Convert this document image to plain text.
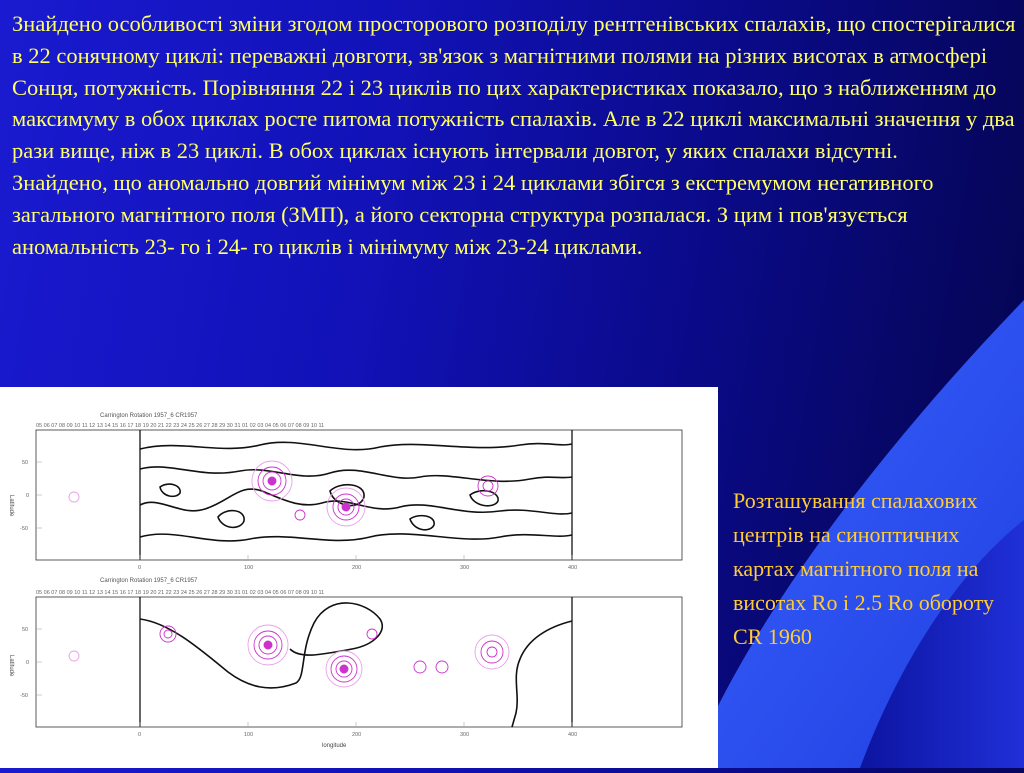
Знайдено особливості зміни згодом просторового розподілу рентгенівських спалахів, що спостерігалися в 22 сонячному циклі: переважні довготи, зв'язок з магнітними полями на різних висотах в атмосфері Сонця, потужність. Порівняння 22 і 23 циклів по цих характеристиках показало, що з наближенням до максимуму в обох циклах росте питома потужність спалахів. Але в 22 циклі максимальні значення у два рази вище, ніж в 23 циклі. В обох циклах існують інтервали довгот, у яких спалахи відсутні.

Знайдено, що аномально довгий мінімум між 23 і 24 циклами збігся з екстремумом негативного загального магнітного поля (ЗМП), а його секторна структура розпалася. З цим і пов'язується аномальність 23- го і 24- го циклів і мінімуму між 23-24 циклами.

Carrington Rotation 1957_6 CR1957
05 06 07 08 09 10 11 12 13 14 15 16 17 18 19 20 21 22 23 24 25 26 27 28 29 30 31 01 02 03 04 05 06 07 08 09 10 11
Latitude
50
0
-50
0	100	200	300	400
Carrington Rotation 1957_6 CR1957
05 06 07 08 09 10 11 12 13 14 15 16 17 18 19 20 21 22 23 24 25 26 27 28 29 30 31 01 02 03 04 05 06 07 08 09 10 11
Latitude
50
0
-50
0	100	200	300	400
longitude
Розташування спалахових центрів на синоптичних картах магнітного поля на висотах Ro і 2.5 Ro обороту CR 1960
